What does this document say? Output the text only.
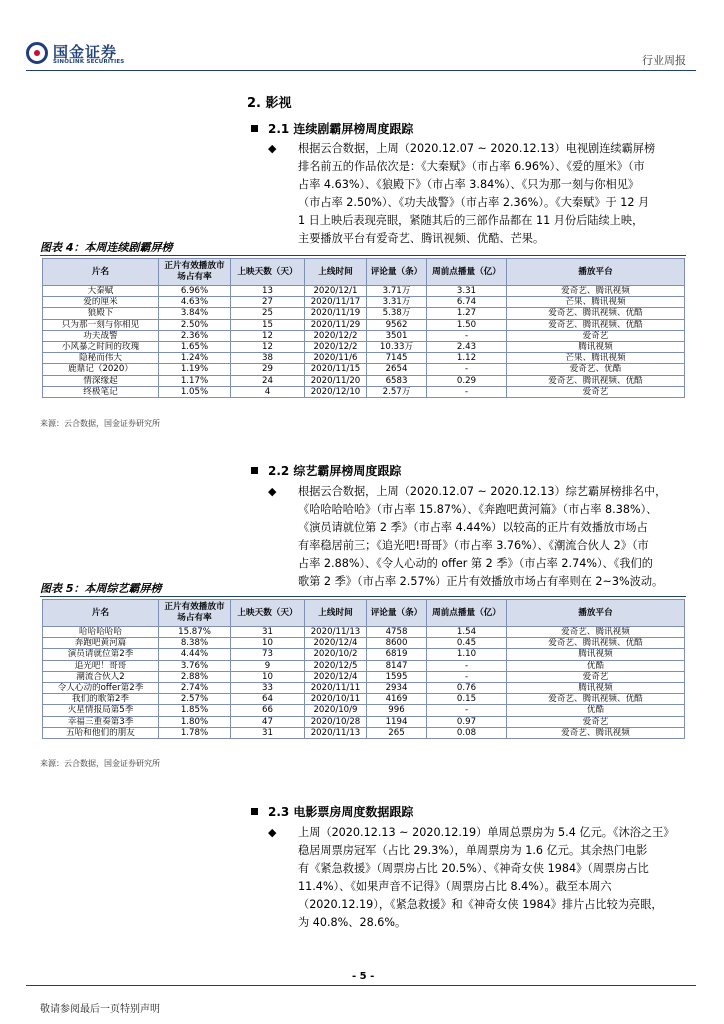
国金证券
SINOLINK SECURITIES	行业周报
2. 影视
2.1 连续剧霸屏榜周度跟踪
◆ 根据云合数据，上周（2020.12.07 ~ 2020.12.13）电视剧连续霸屏榜

排名前五的作品依次是：《大秦赋》（市占率 6.96%）、《爱的厘米》（市

占率 4.63%）、《狼殿下》（市占率 3.84%）、《只为那一刻与你相见》

（市占率 2.50%）、《功夫战警》（市占率 2.36%）。《大秦赋》于 12 月

1 日上映后表现亮眼，紧随其后的三部作品都在 11 月份后陆续上映，

主要播放平台有爱奇艺、腾讯视频、优酷、芒果。

图表 4：本周连续剧霸屏榜
片名	正片有效播放市场占有率	上映天数（天）	上线时间	评论量（条）	周前点播量（亿）	播放平台
大秦赋	6.96%	13	2020/12/1	3.71万	3.31	爱奇艺、腾讯视频
爱的厘米	4.63%	27	2020/11/17	3.31万	6.74	芒果、腾讯视频
狼殿下	3.84%	25	2020/11/19	5.38万	1.27	爱奇艺、腾讯视频、优酷
只为那一刻与你相见	2.50%	15	2020/11/29	9562	1.50	爱奇艺、腾讯视频、优酷
功夫战警	2.36%	12	2020/12/2	3501	-	爱奇艺
小风暴之时间的玫瑰	1.65%	12	2020/12/2	10.33万	2.43	腾讯视频
隐秘而伟大	1.24%	38	2020/11/6	7145	1.12	芒果、腾讯视频
鹿鼎记（2020）	1.19%	29	2020/11/15	2654	-	爱奇艺、优酷
情深缘起	1.17%	24	2020/11/20	6583	0.29	爱奇艺、腾讯视频、优酷
终极笔记	1.05%	4	2020/12/10	2.57万	-	爱奇艺
来源：云合数据，国金证券研究所
2.2 综艺霸屏榜周度跟踪
◆ 根据云合数据，上周（2020.12.07 ~ 2020.12.13）综艺霸屏榜排名中，

《哈哈哈哈哈》（市占率 15.87%）、《奔跑吧黄河篇》（市占率 8.38%）、

《演员请就位第 2 季》（市占率 4.44%）以较高的正片有效播放市场占

有率稳居前三；《追光吧!哥哥》（市占率 3.76%）、《潮流合伙人 2》（市

占率 2.88%）、《令人心动的 offer 第 2 季》（市占率 2.74%）、《我们的

歌第 2 季》（市占率 2.57%）正片有效播放市场占有率则在 2~3%波动。

图表 5：本周综艺霸屏榜
片名	正片有效播放市场占有率	上映天数（天）	上线时间	评论量（条）	周前点播量（亿）	播放平台
哈哈哈哈哈	15.87%	31	2020/11/13	4758	1.54	爱奇艺、腾讯视频
奔跑吧黄河篇	8.38%	10	2020/12/4	8600	0.45	爱奇艺、腾讯视频、优酷
演员请就位第2季	4.44%	73	2020/10/2	6819	1.10	腾讯视频
追光吧！哥哥	3.76%	9	2020/12/5	8147	-	优酷
潮流合伙人2	2.88%	10	2020/12/4	1595	-	爱奇艺
令人心动的offer第2季	2.74%	33	2020/11/11	2934	0.76	腾讯视频
我们的歌第2季	2.57%	64	2020/10/11	4169	0.15	爱奇艺、腾讯视频、优酷
火星情报局第5季	1.85%	66	2020/10/9	996	-	优酷
幸福三重奏第3季	1.80%	47	2020/10/28	1194	0.97	爱奇艺
五哈和他们的朋友	1.78%	31	2020/11/13	265	0.08	爱奇艺、腾讯视频
来源：云合数据，国金证券研究所
2.3 电影票房周度数据跟踪
◆ 上周（2020.12.13 ~ 2020.12.19）单周总票房为 5.4 亿元。《沐浴之王》

稳居周票房冠军（占比 29.3%），单周票房为 1.6 亿元。其余热门电影

有《紧急救援》（周票房占比 20.5%）、《神奇女侠 1984》（周票房占比

11.4%）、《如果声音不记得》（周票房占比 8.4%）。截至本周六

（2020.12.19），《紧急救援》和《神奇女侠 1984》排片占比较为亮眼，

为 40.8%、28.6%。

- 5 -
敬请参阅最后一页特别声明
